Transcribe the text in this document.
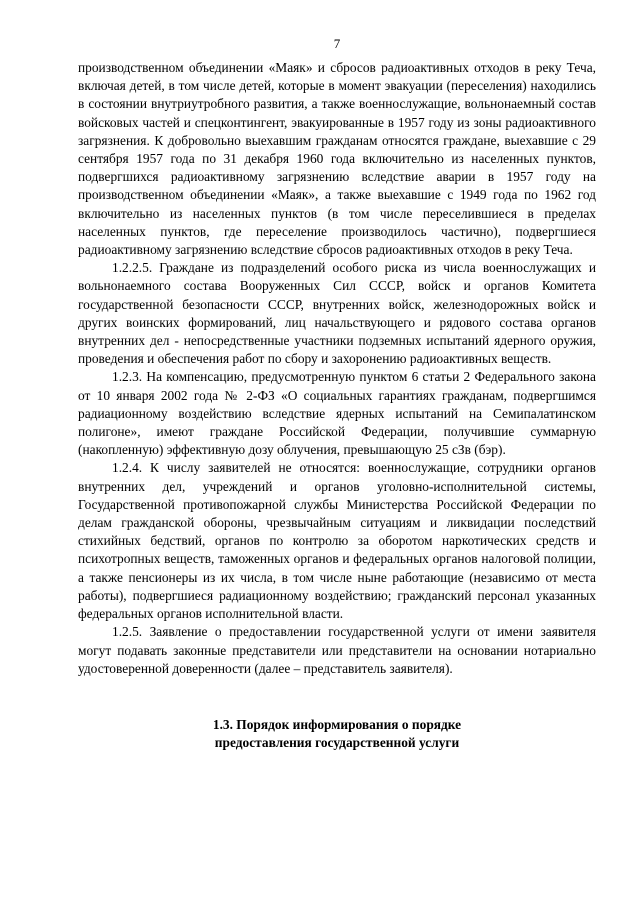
7

производственном объединении «Маяк» и сбросов радиоактивных отходов в реку Теча, включая детей, в том числе детей, которые в момент эвакуации (переселения) находились в состоянии внутриутробного развития, а также военнослужащие, вольнонаемный состав войсковых частей и спецконтингент, эвакуированные в 1957 году из зоны радиоактивного загрязнения. К добровольно выехавшим гражданам относятся граждане, выехавшие с 29 сентября 1957 года по 31 декабря 1960 года включительно из населенных пунктов, подвергшихся радиоактивному загрязнению вследствие аварии в 1957 году на производственном объединении «Маяк», а также выехавшие с 1949 года по 1962 год включительно из населенных пунктов (в том числе переселившиеся в пределах населенных пунктов, где переселение производилось частично), подвергшиеся радиоактивному загрязнению вследствие сбросов радиоактивных отходов в реку Теча.

1.2.2.5. Граждане из подразделений особого риска из числа военнослужащих и вольнонаемного состава Вооруженных Сил СССР, войск и органов Комитета государственной безопасности СССР, внутренних войск, железнодорожных войск и других воинских формирований, лиц начальствующего и рядового состава органов внутренних дел - непосредственные участники подземных испытаний ядерного оружия, проведения и обеспечения работ по сбору и захоронению радиоактивных веществ.

1.2.3. На компенсацию, предусмотренную пунктом 6 статьи 2 Федерального закона от 10 января 2002 года № 2-ФЗ «О социальных гарантиях гражданам, подвергшимся радиационному воздействию вследствие ядерных испытаний на Семипалатинском полигоне», имеют граждане Российской Федерации, получившие суммарную (накопленную) эффективную дозу облучения, превышающую 25 сЗв (бэр).

1.2.4. К числу заявителей не относятся: военнослужащие, сотрудники органов внутренних дел, учреждений и органов уголовно-исполнительной системы, Государственной противопожарной службы Министерства Российской Федерации по делам гражданской обороны, чрезвычайным ситуациям и ликвидации последствий стихийных бедствий, органов по контролю за оборотом наркотических средств и психотропных веществ, таможенных органов и федеральных органов налоговой полиции, а также пенсионеры из их числа, в том числе ныне работающие (независимо от места работы), подвергшиеся радиационному воздействию; гражданский персонал указанных федеральных органов исполнительной власти.

1.2.5. Заявление о предоставлении государственной услуги от имени заявителя могут подавать законные представители или представители на основании нотариально удостоверенной доверенности (далее – представитель заявителя).

1.3. Порядок информирования о порядке
предоставления государственной услуги
